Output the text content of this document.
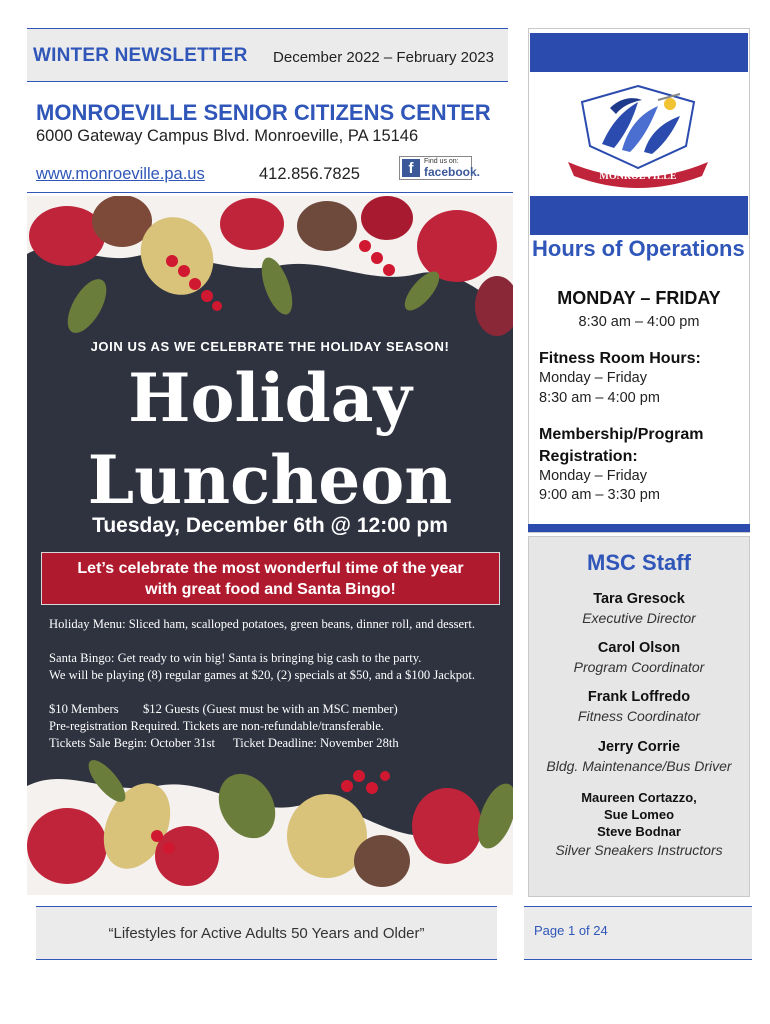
WINTER NEWSLETTER December 2022 – February 2023
MONROEVILLE SENIOR CITIZENS CENTER
6000 Gateway Campus Blvd. Monroeville, PA 15146
www.monroeville.pa.us	412.856.7825	f	Find us on:
facebook.
JOIN US AS WE CELEBRATE THE HOLIDAY SEASON!
Holiday
Luncheon
Tuesday, December 6th @ 12:00 pm
Let’s celebrate the most wonderful time of the year
with great food and Santa Bingo!
Holiday Menu: Sliced ham, scalloped potatoes, green beans, dinner roll, and dessert.
Santa Bingo: Get ready to win big! Santa is bringing big cash to the party.
We will be playing (8) regular games at $20, (2) specials at $50, and a $100 Jackpot.
$10 Members $12 Guests (Guest must be with an MSC member)
Pre-registration Required. Tickets are non-refundable/transferable.
Tickets Sale Begin: October 31st Ticket Deadline: November 28th
“Lifestyles for Active Adults 50 Years and Older”	Page 1 of 24
MONROEVILLE
Hours of Operations
MONDAY – FRIDAY
8:30 am – 4:00 pm
Fitness Room Hours:
Monday – Friday
8:30 am – 4:00 pm
Membership/Program
Registration:
Monday – Friday
9:00 am – 3:30 pm
MSC Staff
Tara Gresock
Executive Director
Carol Olson
Program Coordinator
Frank Loffredo
Fitness Coordinator
Jerry Corrie
Bldg. Maintenance/Bus Driver
Maureen Cortazzo,
Sue Lomeo
Steve Bodnar
Silver Sneakers Instructors
